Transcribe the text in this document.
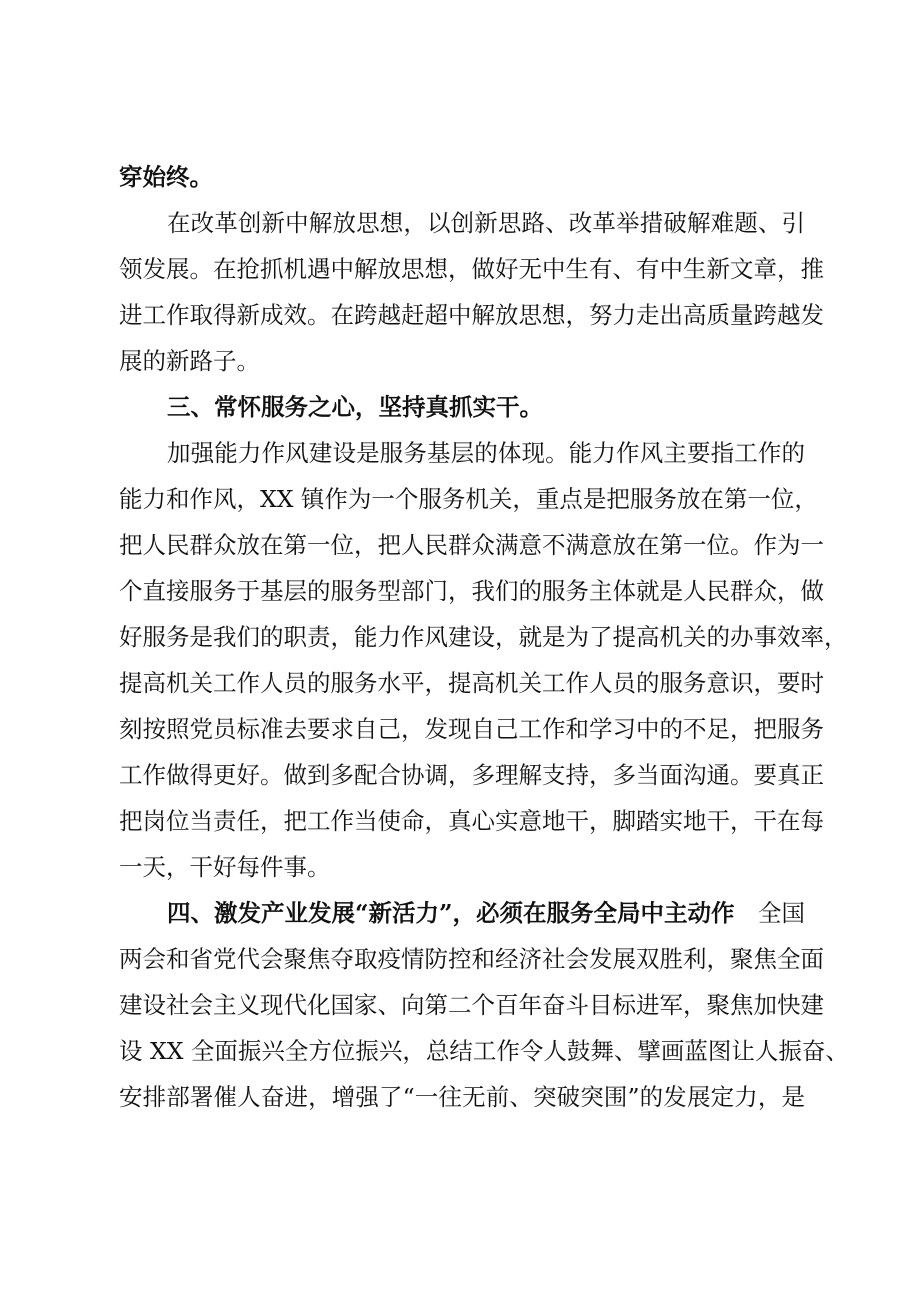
穿始终。
在改革创新中解放思想，以创新思路、改革举措破解难题、引
领发展。在抢抓机遇中解放思想，做好无中生有、有中生新文章，推
进工作取得新成效。在跨越赶超中解放思想，努力走出高质量跨越发
展的新路子。
三、常怀服务之心，坚持真抓实干。
加强能力作风建设是服务基层的体现。能力作风主要指工作的
能力和作风，XX 镇作为一个服务机关，重点是把服务放在第一位，
把人民群众放在第一位，把人民群众满意不满意放在第一位。作为一
个直接服务于基层的服务型部门，我们的服务主体就是人民群众，做
好服务是我们的职责，能力作风建设，就是为了提高机关的办事效率，
提高机关工作人员的服务水平，提高机关工作人员的服务意识，要时
刻按照党员标准去要求自己，发现自己工作和学习中的不足，把服务
工作做得更好。做到多配合协调，多理解支持，多当面沟通。要真正
把岗位当责任，把工作当使命，真心实意地干，脚踏实地干，干在每
一天，干好每件事。
四、激发产业发展“新活力”，必须在服务全局中主动作 全国
两会和省党代会聚焦夺取疫情防控和经济社会发展双胜利，聚焦全面
建设社会主义现代化国家、向第二个百年奋斗目标进军，聚焦加快建
设 XX 全面振兴全方位振兴，总结工作令人鼓舞、擘画蓝图让人振奋、
安排部署催人奋进，增强了“一往无前、突破突围”的发展定力，是
